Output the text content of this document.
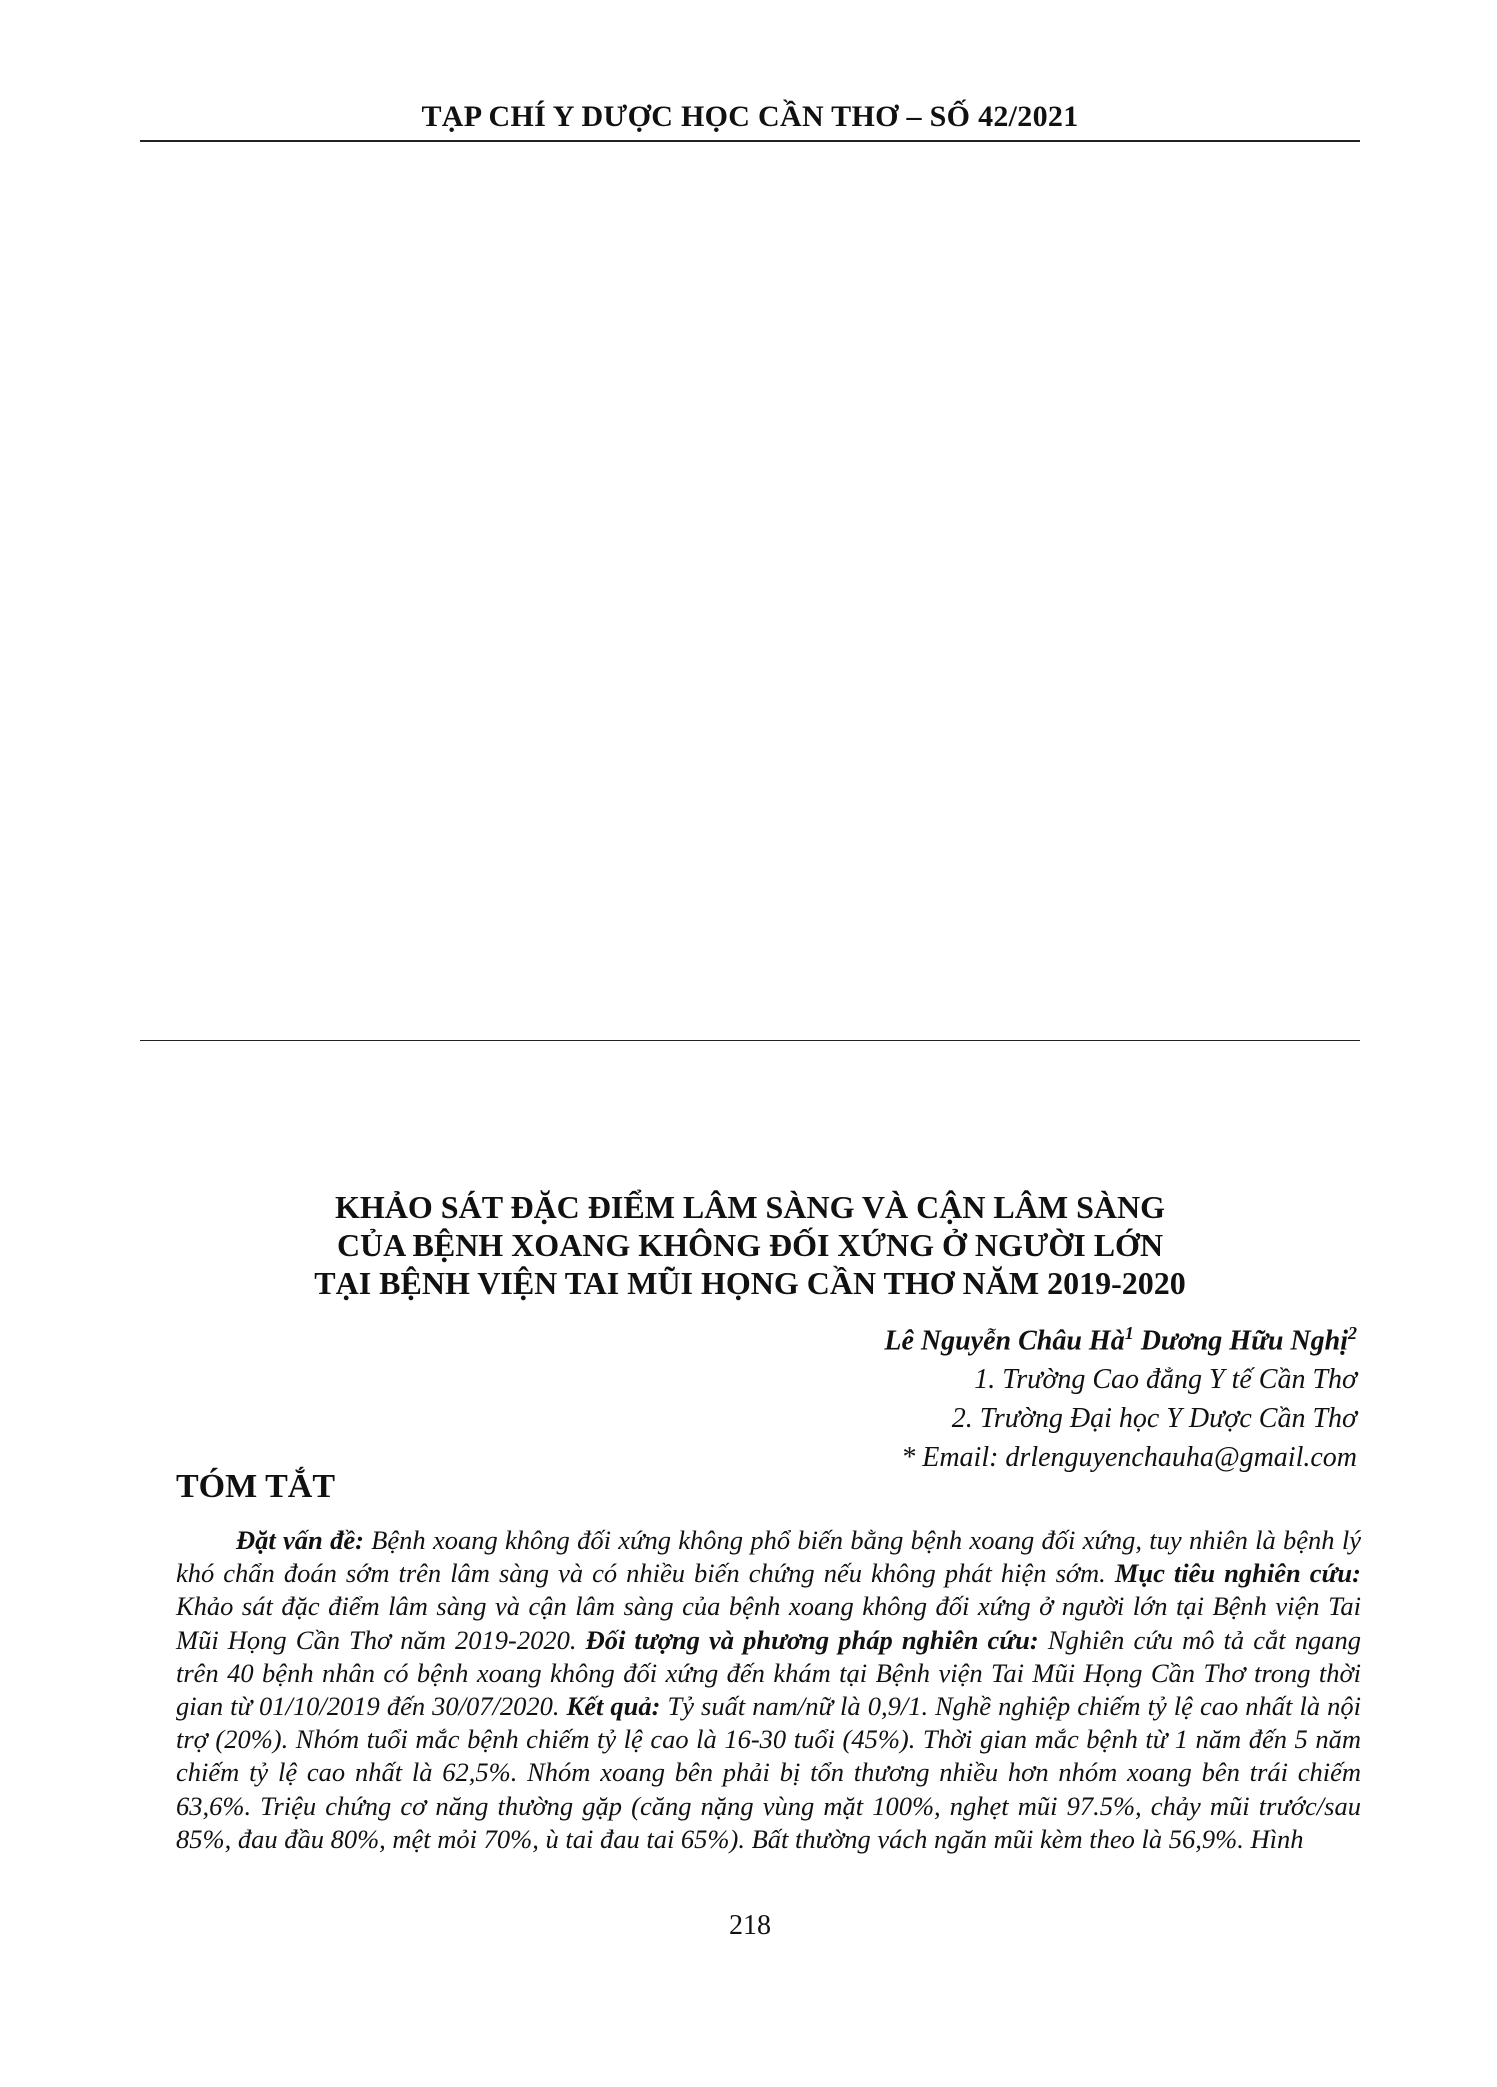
TẠP CHÍ Y DƯỢC HỌC CẦN THƠ – SỐ 42/2021
KHẢO SÁT ĐẶC ĐIỂM LÂM SÀNG VÀ CẬN LÂM SÀNG
CỦA BỆNH XOANG KHÔNG ĐỐI XỨNG Ở NGƯỜI LỚN
TẠI BỆNH VIỆN TAI MŨI HỌNG CẦN THƠ NĂM 2019-2020
Lê Nguyễn Châu $Hà^1$ Dương Hữu Nghị$^2$
1. Trường Cao đẳng Y tế Cần Thơ
2. Trường Đại học Y Dược Cần Thơ
* Email: drlenguyenchauha@gmail.com
TÓM TẮT

Đặt vấn đề: Bệnh xoang không đối xứng không phổ biến bằng bệnh xoang đối xứng, tuy nhiên là bệnh lý khó chẩn đoán sớm trên lâm sàng và có nhiều biến chứng nếu không phát hiện sớm. Mục tiêu nghiên cứu: Khảo sát đặc điểm lâm sàng và cận lâm sàng của bệnh xoang không đối xứng ở người lớn tại Bệnh viện Tai Mũi Họng Cần Thơ năm 2019-2020. Đối tượng và phương pháp nghiên cứu: Nghiên cứu mô tả cắt ngang trên 40 bệnh nhân có bệnh xoang không đối xứng đến khám tại Bệnh viện Tai Mũi Họng Cần Thơ trong thời gian từ 01/10/2019 đến 30/07/2020. Kết quả: Tỷ suất nam/nữ là 0,9/1. Nghề nghiệp chiếm tỷ lệ cao nhất là nội trợ (20%). Nhóm tuổi mắc bệnh chiếm tỷ lệ cao là 16-30 tuổi (45%). Thời gian mắc bệnh từ 1 năm đến 5 năm chiếm tỷ lệ cao nhất là 62,5%. Nhóm xoang bên phải bị tổn thương nhiều hơn nhóm xoang bên trái chiếm 63,6%. Triệu chứng cơ năng thường gặp (căng nặng vùng mặt 100%, nghẹt mũi 97.5%, chảy mũi trước/sau 85%, đau đầu 80%, mệt mỏi 70%, ù tai đau tai 65%). Bất thường vách ngăn mũi kèm theo là 56,9%. Hình

218
